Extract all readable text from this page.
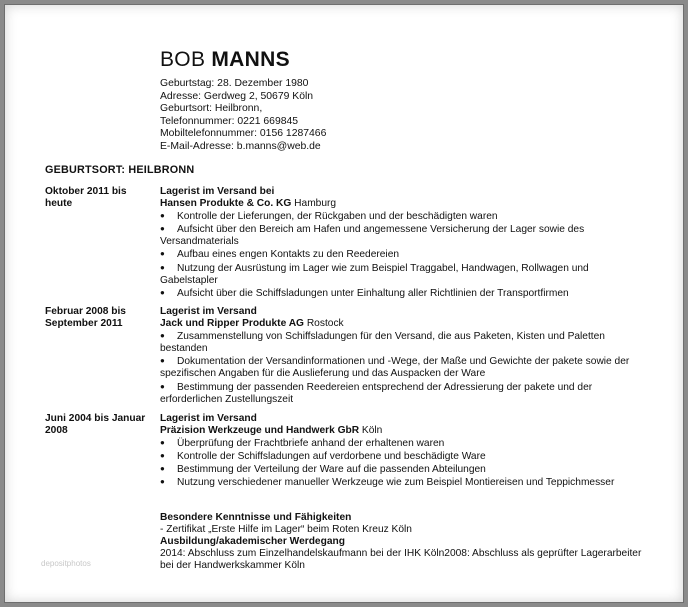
BOB MANNS
Geburtstag: 28. Dezember 1980
Adresse: Gerdweg 2, 50679 Köln
Geburtsort: Heilbronn,
Telefonnummer: 0221 669845
Mobiltelefonnummer: 0156 1287466
E-Mail-Adresse: b.manns@web.de
GEBURTSORT: HEILBRONN
Oktober 2011 bis heute
Lagerist im Versand bei
Hansen Produkte & Co. KG Hamburg
● Kontrolle der Lieferungen, der Rückgaben und der beschädigten waren
● Aufsicht über den Bereich am Hafen und angemessene Versicherung der Lager sowie des Versandmaterials
● Aufbau eines engen Kontakts zu den Reedereien
● Nutzung der Ausrüstung im Lager wie zum Beispiel Traggabel, Handwagen, Rollwagen und Gabelstapler
● Aufsicht über die Schiffsladungen unter Einhaltung aller Richtlinien der Transportfirmen
Februar 2008 bis September 2011
Lagerist im Versand
Jack und Ripper Produkte AG Rostock
● Zusammenstellung von Schiffsladungen für den Versand, die aus Paketen, Kisten und Paletten bestanden
● Dokumentation der Versandinformationen und -Wege, der Maße und Gewichte der pakete sowie der spezifischen Angaben für die Auslieferung und das Auspacken der Ware
● Bestimmung der passenden Reedereien entsprechend der Adressierung der pakete und der erforderlichen Zustellungszeit
Juni 2004 bis Januar 2008
Lagerist im Versand
Präzision Werkzeuge und Handwerk GbR Köln
● Überprüfung der Frachtbriefe anhand der erhaltenen waren
● Kontrolle der Schiffsladungen auf verdorbene und beschädigte Ware
● Bestimmung der Verteilung der Ware auf die passenden Abteilungen
● Nutzung verschiedener manueller Werkzeuge wie zum Beispiel Montiereisen und Teppichmesser
Besondere Kenntnisse und Fähigkeiten
- Zertifikat „Erste Hilfe im Lager“ beim Roten Kreuz Köln
Ausbildung/akademischer Werdegang
2014: Abschluss zum Einzelhandelskaufmann bei der IHK Köln2008: Abschluss als geprüfter Lagerarbeiter bei der Handwerkskammer Köln
depositphotos
